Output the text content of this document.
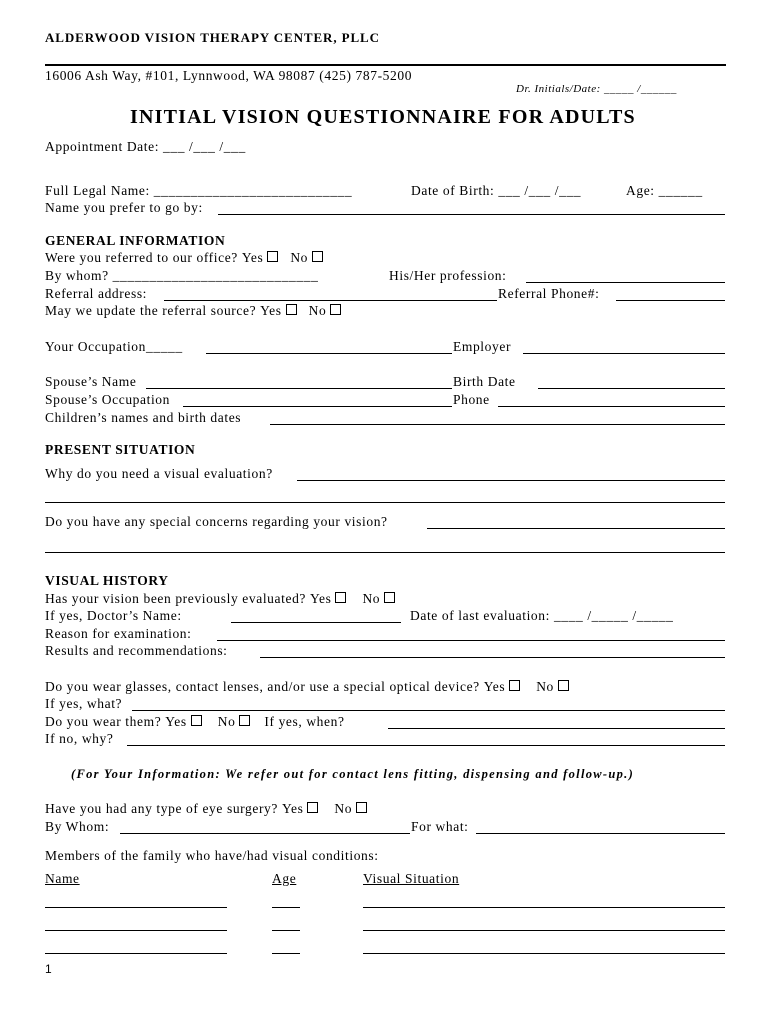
ALDERWOOD VISION THERAPY CENTER, PLLC
16006 Ash Way, #101, Lynnwood, WA 98087 (425) 787-5200
Dr. Initials/Date: _____ /______
INITIAL VISION QUESTIONNAIRE FOR ADULTS
Appointment Date: ___ /___ /___
Full Legal Name: ___________________________	Date of Birth: ___ /___ /___	Age: ______
Name you prefer to go by:
GENERAL INFORMATION
Were you referred to our office? Yes No
By whom? ____________________________	His/Her profession:
Referral address:	Referral Phone#:
May we update the referral source? Yes No
Your Occupation_____	Employer
Spouse’s Name	Birth Date
Spouse’s Occupation	Phone
Children’s names and birth dates
PRESENT SITUATION
Why do you need a visual evaluation?
Do you have any special concerns regarding your vision?
VISUAL HISTORY
Has your vision been previously evaluated? Yes No
If yes, Doctor’s Name:	Date of last evaluation: ____ /_____ /_____
Reason for examination:
Results and recommendations:
Do you wear glasses, contact lenses, and/or use a special optical device? Yes No
If yes, what?
Do you wear them? Yes No If yes, when?
If no, why?
(For Your Information: We refer out for contact lens fitting, dispensing and follow-up.)
Have you had any type of eye surgery? Yes No
By Whom:	For what:
Members of the family who have/had visual conditions:
Name	Age	Visual Situation
1
